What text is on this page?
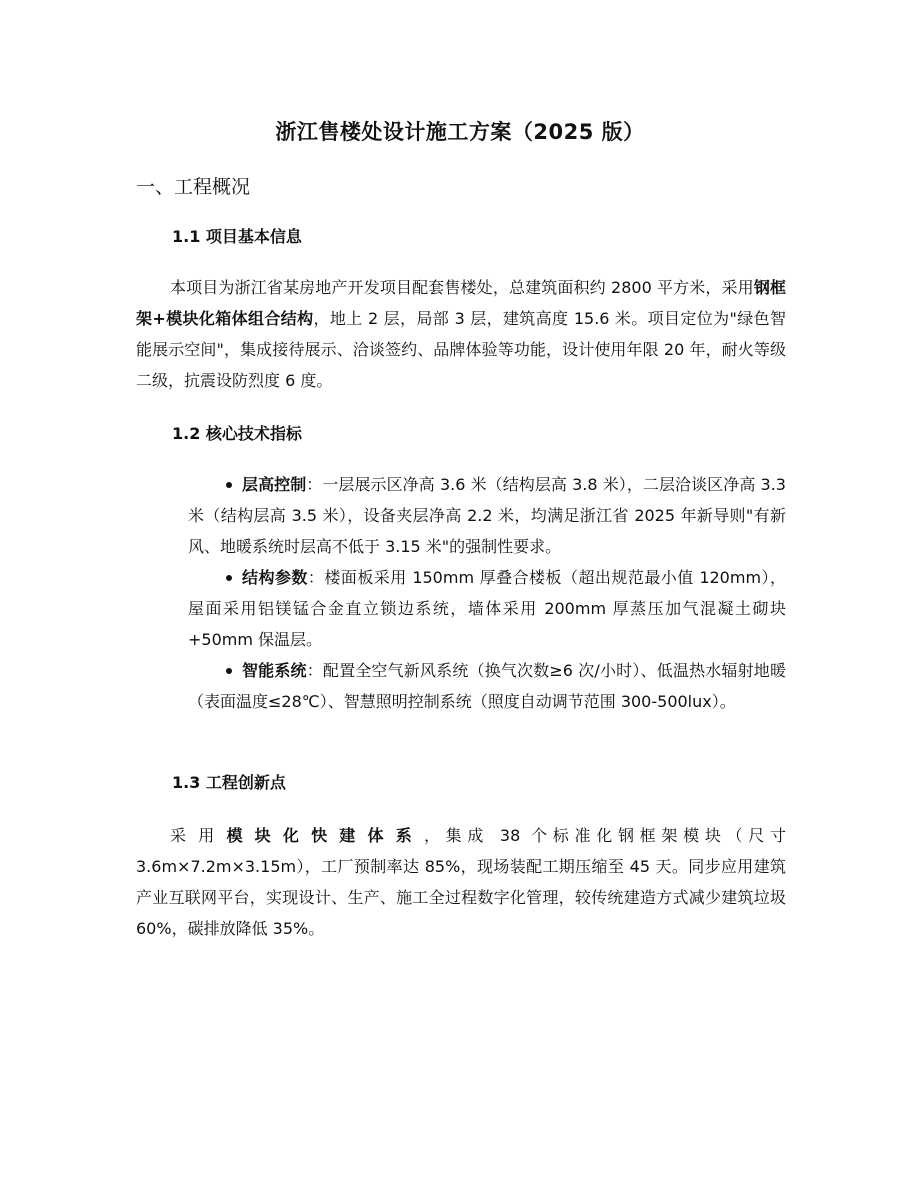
浙江售楼处设计施工方案（2025 版）
一、工程概况
1.1 项目基本信息
本项目为浙江省某房地产开发项目配套售楼处，总建筑面积约 2800 平方米，采用钢框架+模块化箱体组合结构，地上 2 层，局部 3 层，建筑高度 15.6 米。项目定位为"绿色智能展示空间"，集成接待展示、洽谈签约、品牌体验等功能，设计使用年限 20 年，耐火等级二级，抗震设防烈度 6 度。
1.2 核心技术指标
层高控制：一层展示区净高 3.6 米（结构层高 3.8 米），二层洽谈区净高 3.3 米（结构层高 3.5 米），设备夹层净高 2.2 米，均满足浙江省 2025 年新导则"有新风、地暖系统时层高不低于 3.15 米"的强制性要求。
结构参数：楼面板采用 150mm 厚叠合楼板（超出规范最小值 120mm），屋面采用铝镁锰合金直立锁边系统，墙体采用 200mm 厚蒸压加气混凝土砌块+50mm 保温层。
智能系统：配置全空气新风系统（换气次数≥6 次/小时）、低温热水辐射地暖（表面温度≤28℃）、智慧照明控制系统（照度自动调节范围 300-500lux）。
1.3 工程创新点
采用模块化快建体系，集成 38 个标准化钢框架模块（尺寸 3.6m×7.2m×3.15m），工厂预制率达 85%，现场装配工期压缩至 45 天。同步应用建筑产业互联网平台，实现设计、生产、施工全过程数字化管理，较传统建造方式减少建筑垃圾 60%，碳排放降低 35%。
